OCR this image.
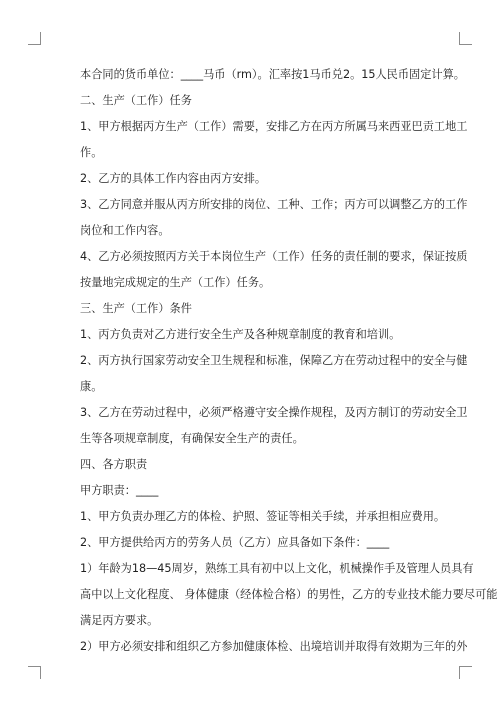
本合同的货币单位：____马币（rm）。汇率按1马币兑2。15人民币固定计算。

二、生产（工作）任务

1、甲方根据丙方生产（工作）需要，安排乙方在丙方所属马来西亚巴贡工地工
作。

2、乙方的具体工作内容由丙方安排。

3、乙方同意并服从丙方所安排的岗位、工种、工作；丙方可以调整乙方的工作
岗位和工作内容。

4、乙方必须按照丙方关于本岗位生产（工作）任务的责任制的要求，保证按质
按量地完成规定的生产（工作）任务。

三、生产（工作）条件

1、丙方负责对乙方进行安全生产及各种规章制度的教育和培训。

2、丙方执行国家劳动安全卫生规程和标准，保障乙方在劳动过程中的安全与健
康。

3、乙方在劳动过程中，必须严格遵守安全操作规程，及丙方制订的劳动安全卫
生等各项规章制度，有确保安全生产的责任。

四、各方职责

甲方职责：____

1、甲方负责办理乙方的体检、护照、签证等相关手续，并承担相应费用。

2、甲方提供给丙方的劳务人员（乙方）应具备如下条件：____

1）年龄为18—45周岁，熟练工具有初中以上文化，机械操作手及管理人员具有
高中以上文化程度、 身体健康（经体检合格）的男性，乙方的专业技术能力要尽可能
满足丙方要求。

2）甲方必须安排和组织乙方参加健康体检、出境培训并取得有效期为三年的外
